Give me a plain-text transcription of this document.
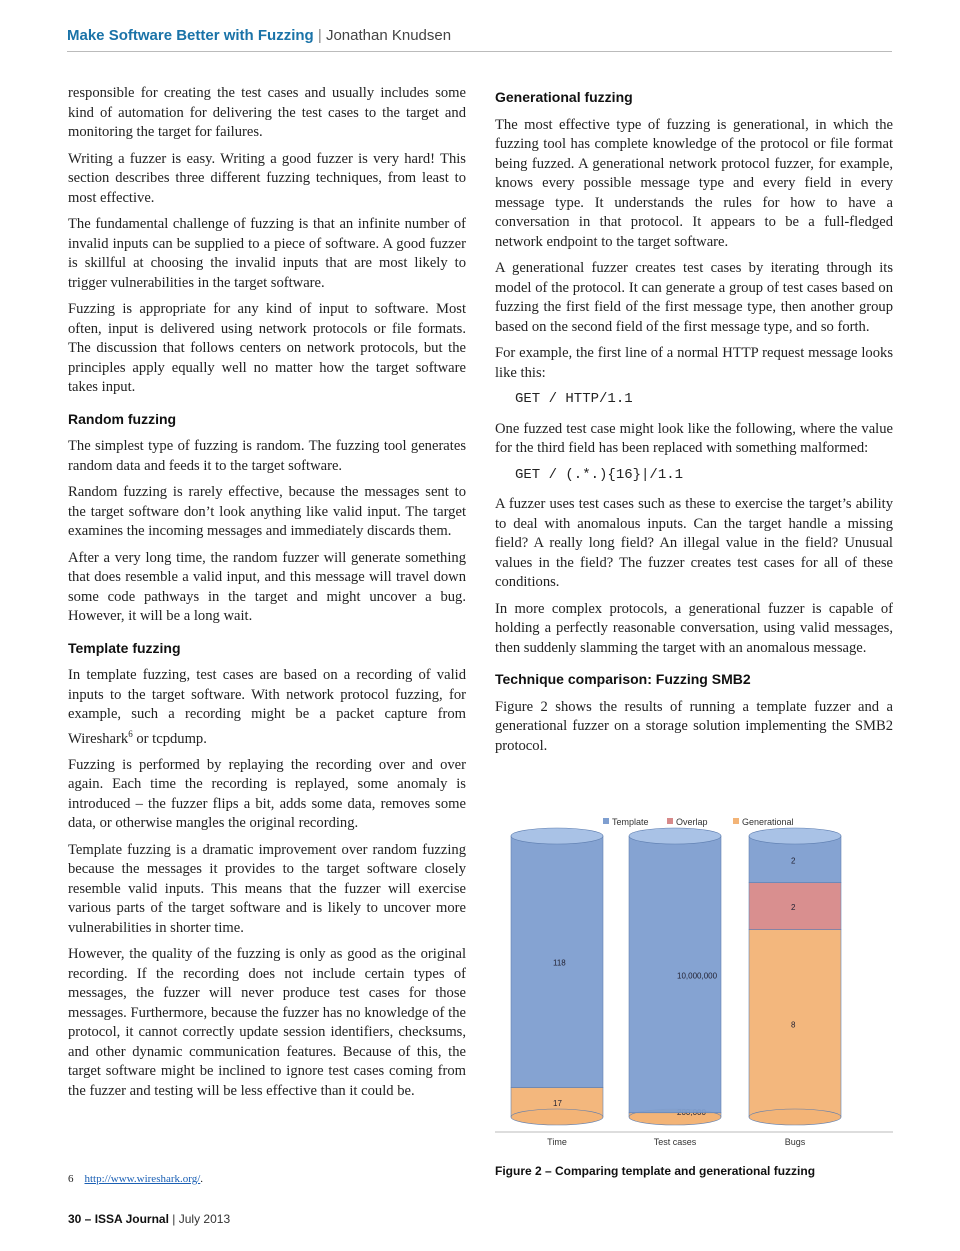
Make Software Better with Fuzzing | Jonathan Knudsen

responsible for creating the test cases and usually includes some kind of automation for delivering the test cases to the target and monitoring the target for failures.

Writing a fuzzer is easy. Writing a good fuzzer is very hard! This section describes three different fuzzing techniques, from least to most effective.

The fundamental challenge of fuzzing is that an infinite number of invalid inputs can be supplied to a piece of software. A good fuzzer is skillful at choosing the invalid inputs that are most likely to trigger vulnerabilities in the target software.

Fuzzing is appropriate for any kind of input to software. Most often, input is delivered using network protocols or file formats. The discussion that follows centers on network protocols, but the principles apply equally well no matter how the target software takes input.

Random fuzzing

The simplest type of fuzzing is random. The fuzzing tool generates random data and feeds it to the target software.

Random fuzzing is rarely effective, because the messages sent to the target software don’t look anything like valid input. The target examines the incoming messages and immediately discards them.

After a very long time, the random fuzzer will generate something that does resemble a valid input, and this message will travel down some code pathways in the target and might uncover a bug. However, it will be a long wait.

Template fuzzing

In template fuzzing, test cases are based on a recording of valid inputs to the target software. With network protocol fuzzing, for example, such a recording might be a packet capture from Wireshark$^6$ or tcpdump.

Fuzzing is performed by replaying the recording over and over again. Each time the recording is replayed, some anomaly is introduced – the fuzzer flips a bit, adds some data, removes some data, or otherwise mangles the original recording.

Template fuzzing is a dramatic improvement over random fuzzing because the messages it provides to the target software closely resemble valid inputs. This means that the fuzzer will exercise various parts of the target software and is likely to uncover more vulnerabilities in shorter time.

However, the quality of the fuzzing is only as good as the original recording. If the recording does not include certain types of messages, the fuzzer will never produce test cases for those messages. Furthermore, because the fuzzer has no knowledge of the protocol, it cannot correctly update session identifiers, checksums, and other dynamic communication features. Because of this, the target software might be inclined to ignore test cases coming from the fuzzer and testing will be less effective than it could be.

Generational fuzzing

The most effective type of fuzzing is generational, in which the fuzzing tool has complete knowledge of the protocol or file format being fuzzed. A generational network protocol fuzzer, for example, knows every possible message type and every field in every message type. It understands the rules for how to have a conversation in that protocol. It appears to be a full-fledged network endpoint to the target software.

A generational fuzzer creates test cases by iterating through its model of the protocol. It can generate a group of test cases based on fuzzing the first field of the first message type, then another group based on the second field of the first message type, and so forth.

For example, the first line of a normal HTTP request message looks like this:

GET / HTTP/1.1

One fuzzed test case might look like the following, where the value for the third field has been replaced with something malformed:

GET / (.*.){16}|/1.1

A fuzzer uses test cases such as these to exercise the target’s ability to deal with anomalous inputs. Can the target handle a missing field? A really long field? An illegal value in the field? Unusual values in the field? The fuzzer creates test cases for all of these conditions.

In more complex protocols, a generational fuzzer is capable of holding a perfectly reasonable conversation, using valid messages, then suddenly slamming the target with an anomalous message.

Technique comparison: Fuzzing SMB2

Figure 2 shows the results of running a template fuzzer and a generational fuzzer on a storage solution implementing the SMB2 protocol.

Template	Overlap	Generational
17
118
Time
10,000,000
Test cases
8
2
2
Bugs
Figure 2 – Comparing template and generational fuzzing
6 http://www.wireshark.org/.
30 – ISSA Journal | July 2013
